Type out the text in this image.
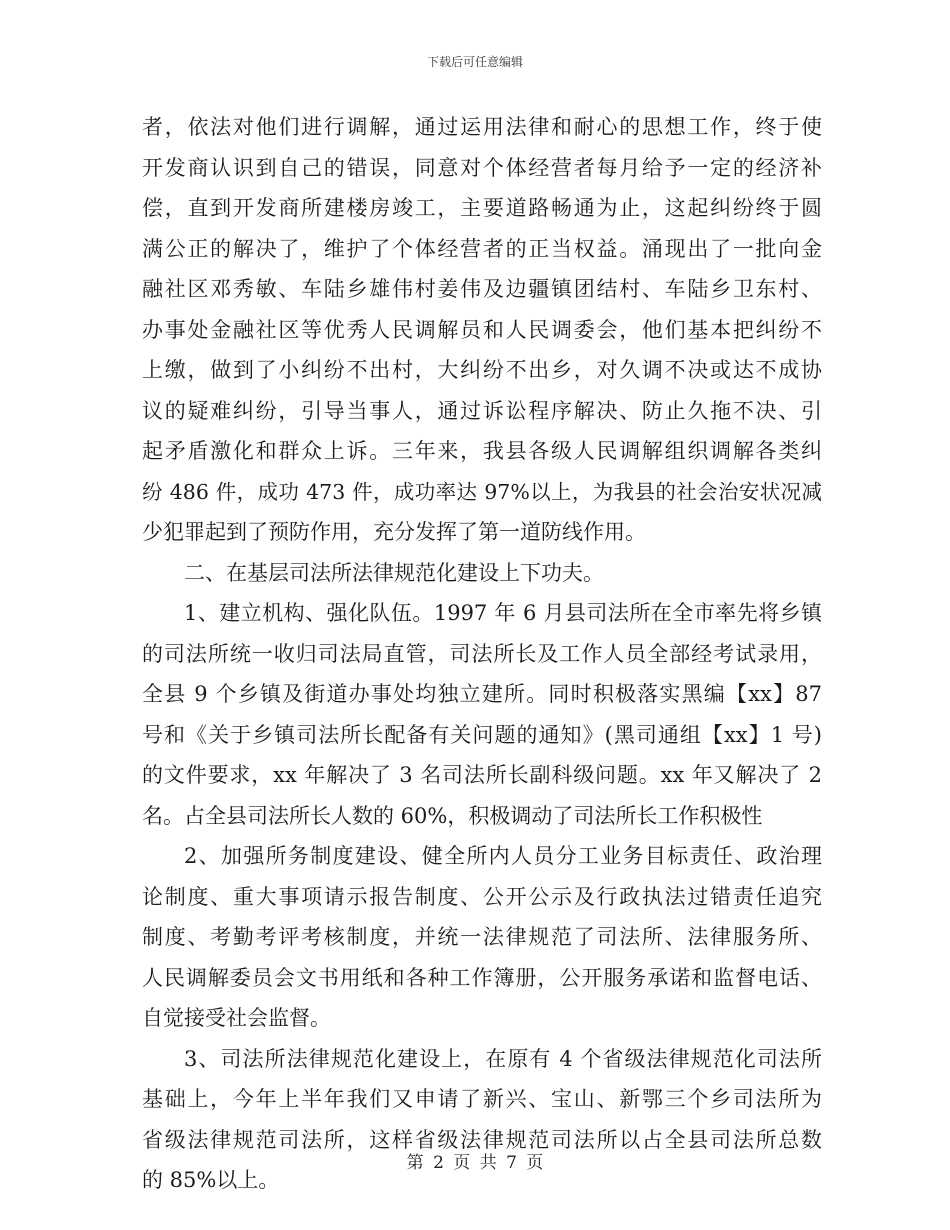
下载后可任意编辑
者，依法对他们进行调解，通过运用法律和耐心的思想工作，终于使
开发商认识到自己的错误，同意对个体经营者每月给予一定的经济补
偿，直到开发商所建楼房竣工，主要道路畅通为止，这起纠纷终于圆
满公正的解决了，维护了个体经营者的正当权益。涌现出了一批向金
融社区邓秀敏、车陆乡雄伟村姜伟及边疆镇团结村、车陆乡卫东村、
办事处金融社区等优秀人民调解员和人民调委会，他们基本把纠纷不
上缴，做到了小纠纷不出村，大纠纷不出乡，对久调不决或达不成协
议的疑难纠纷，引导当事人，通过诉讼程序解决、防止久拖不决、引
起矛盾激化和群众上诉。三年来，我县各级人民调解组织调解各类纠
纷 486 件，成功 473 件，成功率达 97%以上，为我县的社会治安状况减
少犯罪起到了预防作用，充分发挥了第一道防线作用。
二、在基层司法所法律规范化建设上下功夫。
1、建立机构、强化队伍。1997 年 6 月县司法所在全市率先将乡镇
的司法所统一收归司法局直管，司法所长及工作人员全部经考试录用，
全县 9 个乡镇及街道办事处均独立建所。同时积极落实黑编【xx】87
号和《关于乡镇司法所长配备有关问题的通知》(黑司通组【xx】1 号)
的文件要求，xx 年解决了 3 名司法所长副科级问题。xx 年又解决了 2
名。占全县司法所长人数的 60%，积极调动了司法所长工作积极性
2、加强所务制度建设、健全所内人员分工业务目标责任、政治理
论制度、重大事项请示报告制度、公开公示及行政执法过错责任追究
制度、考勤考评考核制度，并统一法律规范了司法所、法律服务所、
人民调解委员会文书用纸和各种工作簿册，公开服务承诺和监督电话、
自觉接受社会监督。
3、司法所法律规范化建设上，在原有 4 个省级法律规范化司法所
基础上，今年上半年我们又申请了新兴、宝山、新鄂三个乡司法所为
省级法律规范司法所，这样省级法律规范司法所以占全县司法所总数
的 85%以上。
第 2 页 共 7 页
